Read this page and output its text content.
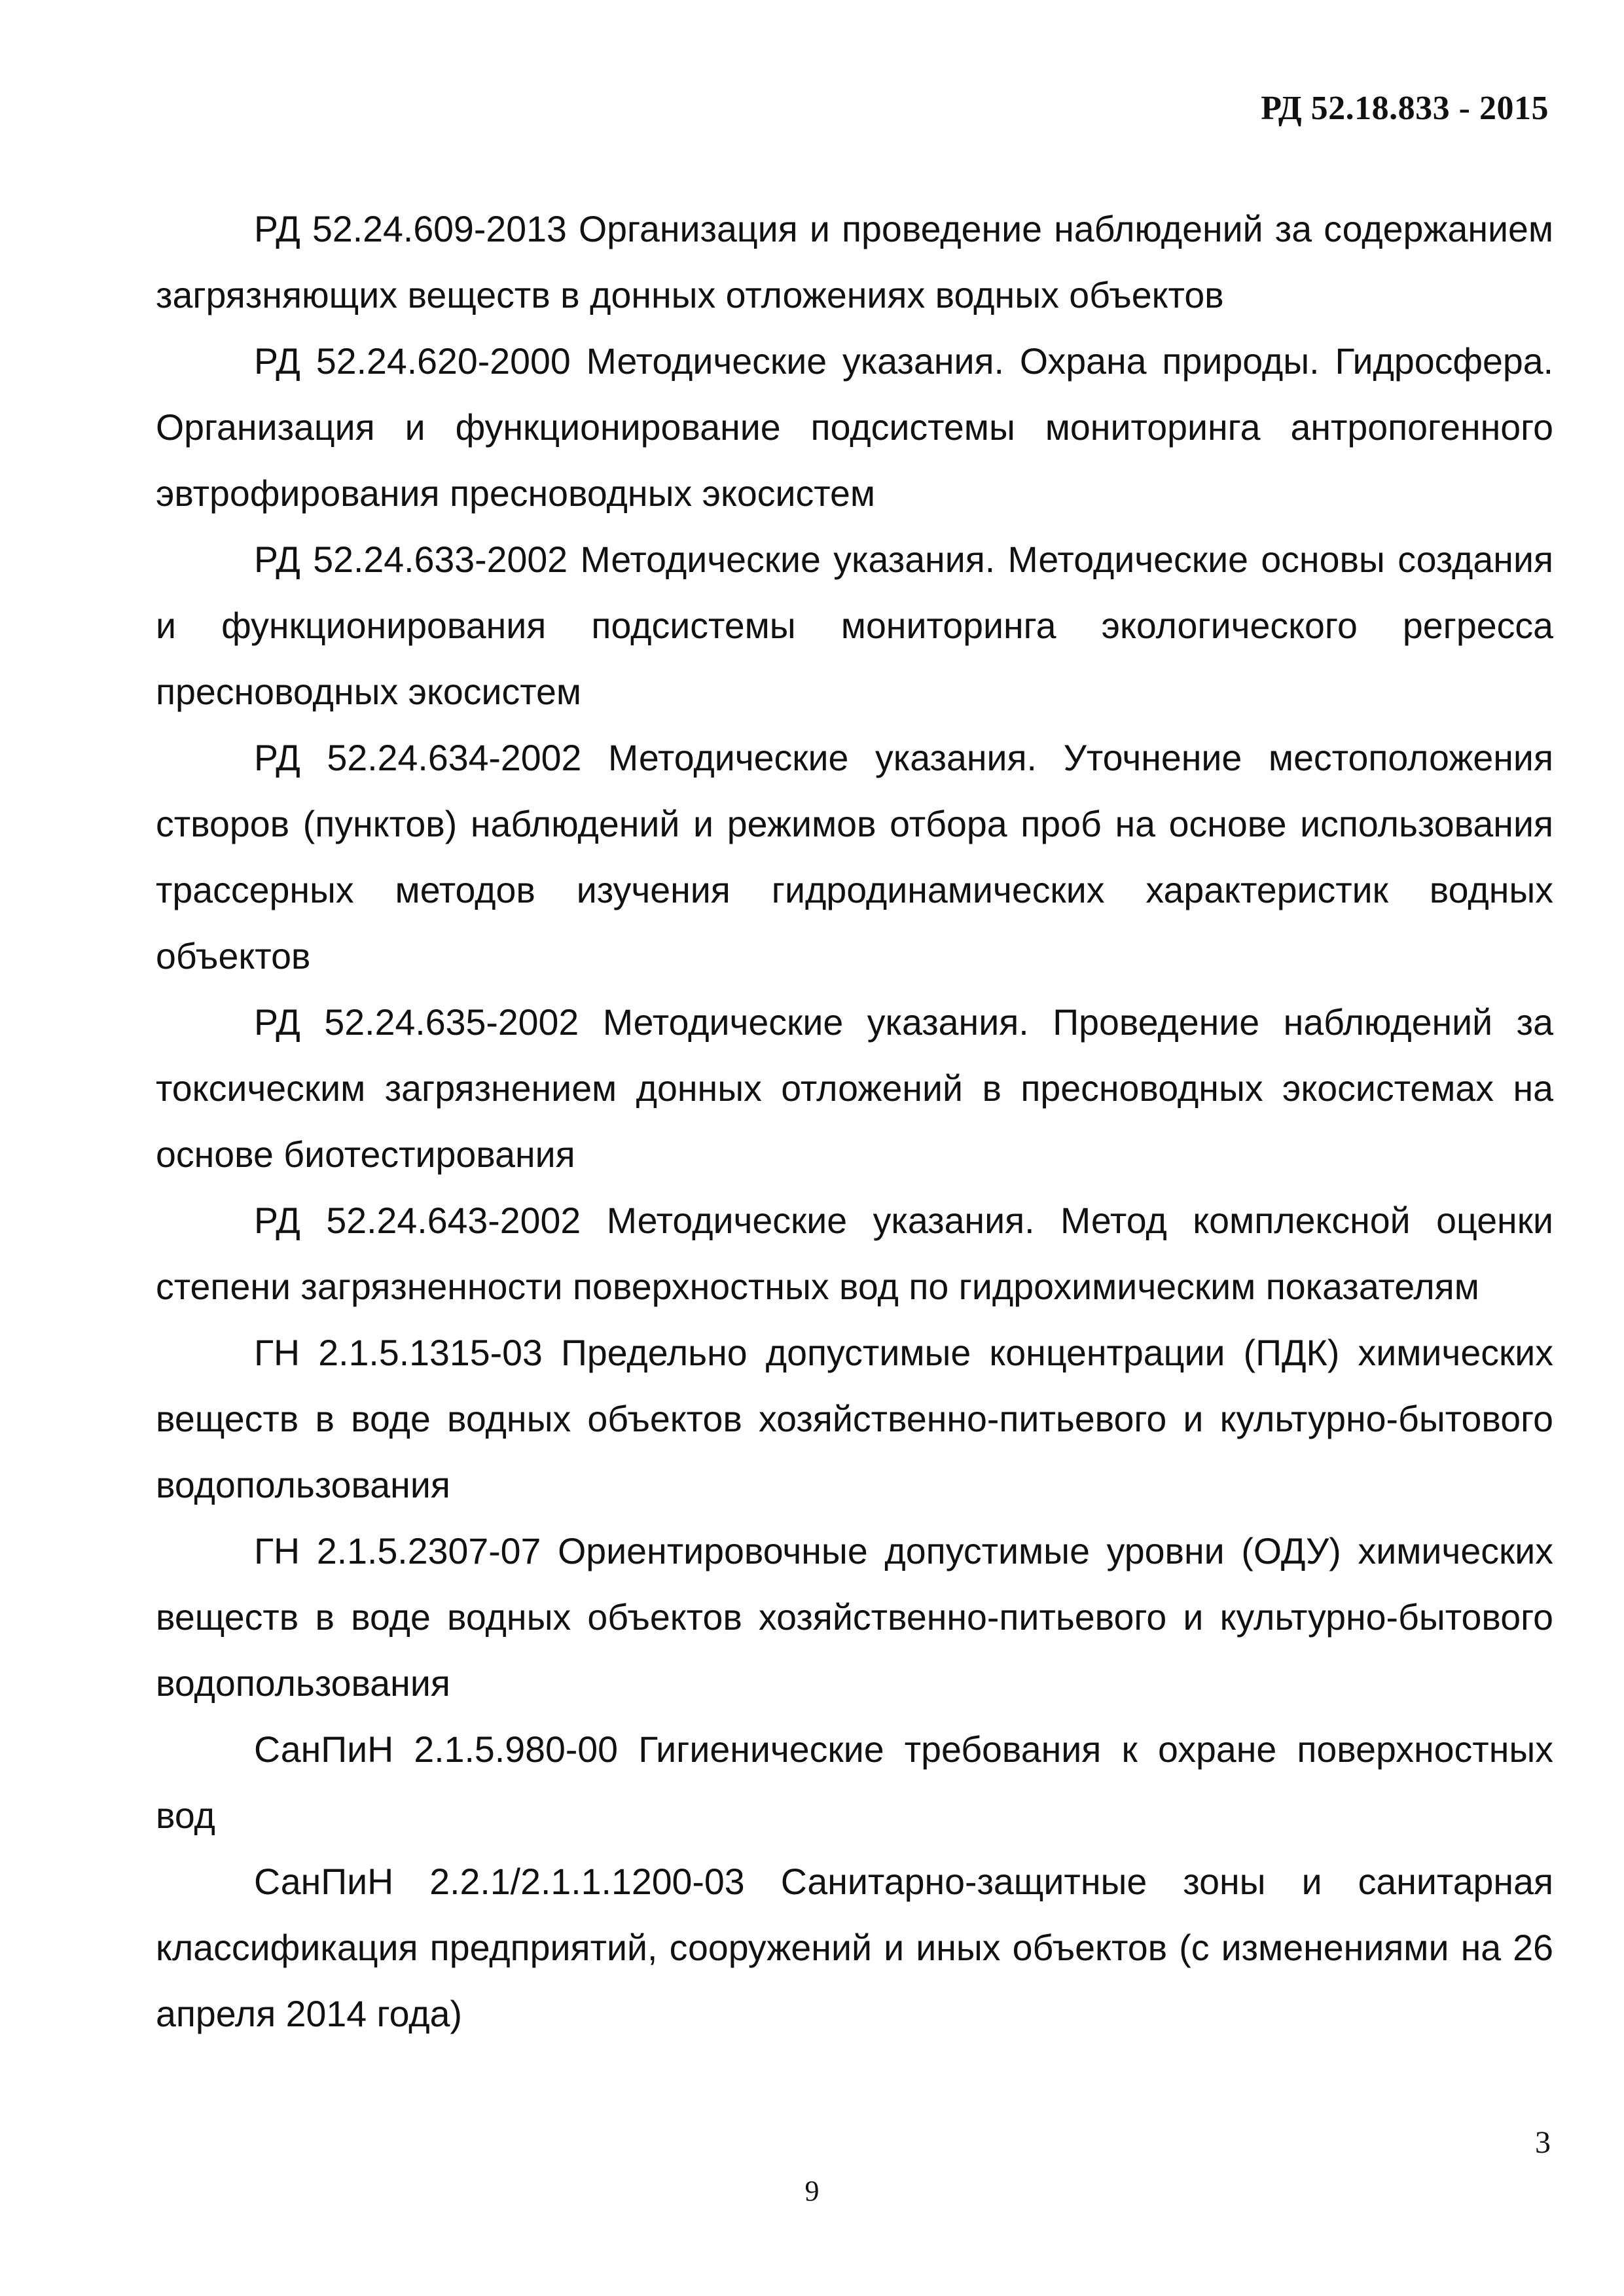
РД 52.18.833 - 2015

РД 52.24.609-2013 Организация и проведение наблюдений за содержанием загрязняющих веществ в донных отложениях водных объектов

РД 52.24.620-2000 Методические указания. Охрана природы. Гидросфера. Организация и функционирование подсистемы мониторинга антропогенного эвтрофирования пресноводных экосистем

РД 52.24.633-2002 Методические указания. Методические основы создания и функционирования подсистемы мониторинга экологического регресса пресноводных экосистем

РД 52.24.634-2002 Методические указания. Уточнение местоположения створов (пунктов) наблюдений и режимов отбора проб на основе использования трассерных методов изучения гидродинамических характеристик водных объектов

РД 52.24.635-2002 Методические указания. Проведение наблюдений за токсическим загрязнением донных отложений в пресноводных экосистемах на основе биотестирования

РД 52.24.643-2002 Методические указания. Метод комплексной оценки степени загрязненности поверхностных вод по гидрохимическим показателям

ГН 2.1.5.1315-03 Предельно допустимые концентрации (ПДК) химических веществ в воде водных объектов хозяйственно-питьевого и культурно-бытового водопользования

ГН 2.1.5.2307-07 Ориентировочные допустимые уровни (ОДУ) химических веществ в воде водных объектов хозяйственно-питьевого и культурно-бытового водопользования

СанПиН 2.1.5.980-00 Гигиенические требования к охране поверхностных вод

СанПиН 2.2.1/2.1.1.1200-03 Санитарно-защитные зоны и санитарная классификация предприятий, сооружений и иных объектов (с изменениями на 26 апреля 2014 года)

3
9
